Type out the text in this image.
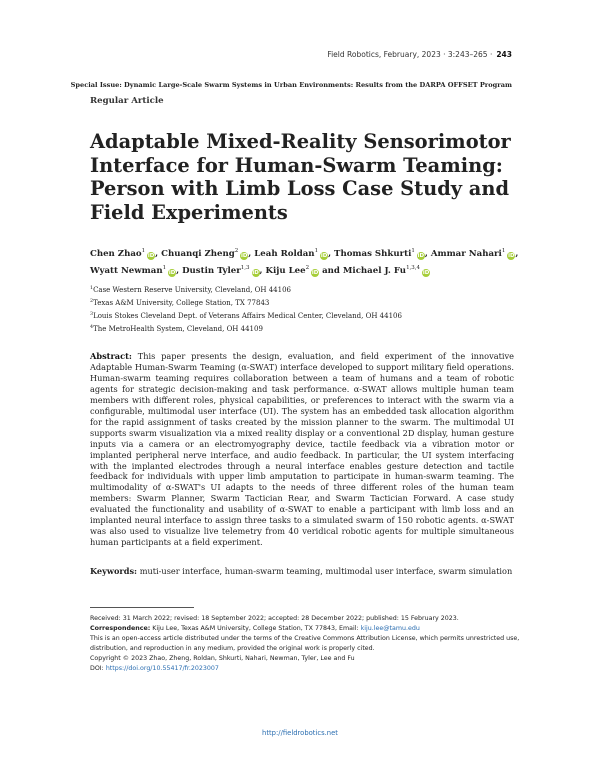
Field Robotics, February, 2023 · 3:243–265 · 243
Special Issue: Dynamic Large-Scale Swarm Systems in Urban Environments: Results from the DARPA OFFSET Program
Regular Article
Adaptable Mixed-Reality Sensorimotor Interface for Human-Swarm Teaming: Person with Limb Loss Case Study and Field Experiments
Chen Zhao$^1$iD, Chuanqi Zheng$^2$iD, Leah Roldan$^1$iD, Thomas Shkurti$^1$iD, Ammar Nahari$^1$iD, Wyatt Newman$^1$iD, Dustin Tyler$^{1,3}$iD, Kiju Lee$^2$iD and Michael J. Fu$^{1,3,4}$iD
$^1$Case Western Reserve University, Cleveland, OH 44106
$^2$Texas A&M University, College Station, TX 77843
$^3$Louis Stokes Cleveland Dept. of Veterans Affairs Medical Center, Cleveland, OH 44106
$^4$The MetroHealth System, Cleveland, OH 44109

Abstract: This paper presents the design, evaluation, and field experiment of the innovative Adaptable Human-Swarm Teaming (α-SWAT) interface developed to support military field operations. Human-swarm teaming requires collaboration between a team of humans and a team of robotic agents for strategic decision-making and task performance. α-SWAT allows multiple human team members with different roles, physical capabilities, or preferences to interact with the swarm via a configurable, multimodal user interface (UI). The system has an embedded task allocation algorithm for the rapid assignment of tasks created by the mission planner to the swarm. The multimodal UI supports swarm visualization via a mixed reality display or a conventional 2D display, human gesture inputs via a camera or an electromyography device, tactile feedback via a vibration motor or implanted peripheral nerve interface, and audio feedback. In particular, the UI system interfacing with the implanted electrodes through a neural interface enables gesture detection and tactile feedback for individuals with upper limb amputation to participate in human-swarm teaming. The multimodality of α-SWAT's UI adapts to the needs of three different roles of the human team members: Swarm Planner, Swarm Tactician Rear, and Swarm Tactician Forward. A case study evaluated the functionality and usability of α-SWAT to enable a participant with limb loss and an implanted neural interface to assign three tasks to a simulated swarm of 150 robotic agents. α-SWAT was also used to visualize live telemetry from 40 veridical robotic agents for multiple simultaneous human participants at a field experiment.

Keywords: muti-user interface, human-swarm teaming, multimodal user interface, swarm simulation

Received: 31 March 2022; revised: 18 September 2022; accepted: 28 December 2022; published: 15 February 2023.
Correspondence: Kiju Lee, Texas A&M University, College Station, TX 77843, Email: kiju.lee@tamu.edu
This is an open-access article distributed under the terms of the Creative Commons Attribution License, which permits unrestricted use, distribution, and reproduction in any medium, provided the original work is properly cited.
Copyright © 2023 Zhao, Zheng, Roldan, Shkurti, Nahari, Newman, Tyler, Lee and Fu
DOI: https://doi.org/10.55417/fr.2023007
http://fieldrobotics.net
